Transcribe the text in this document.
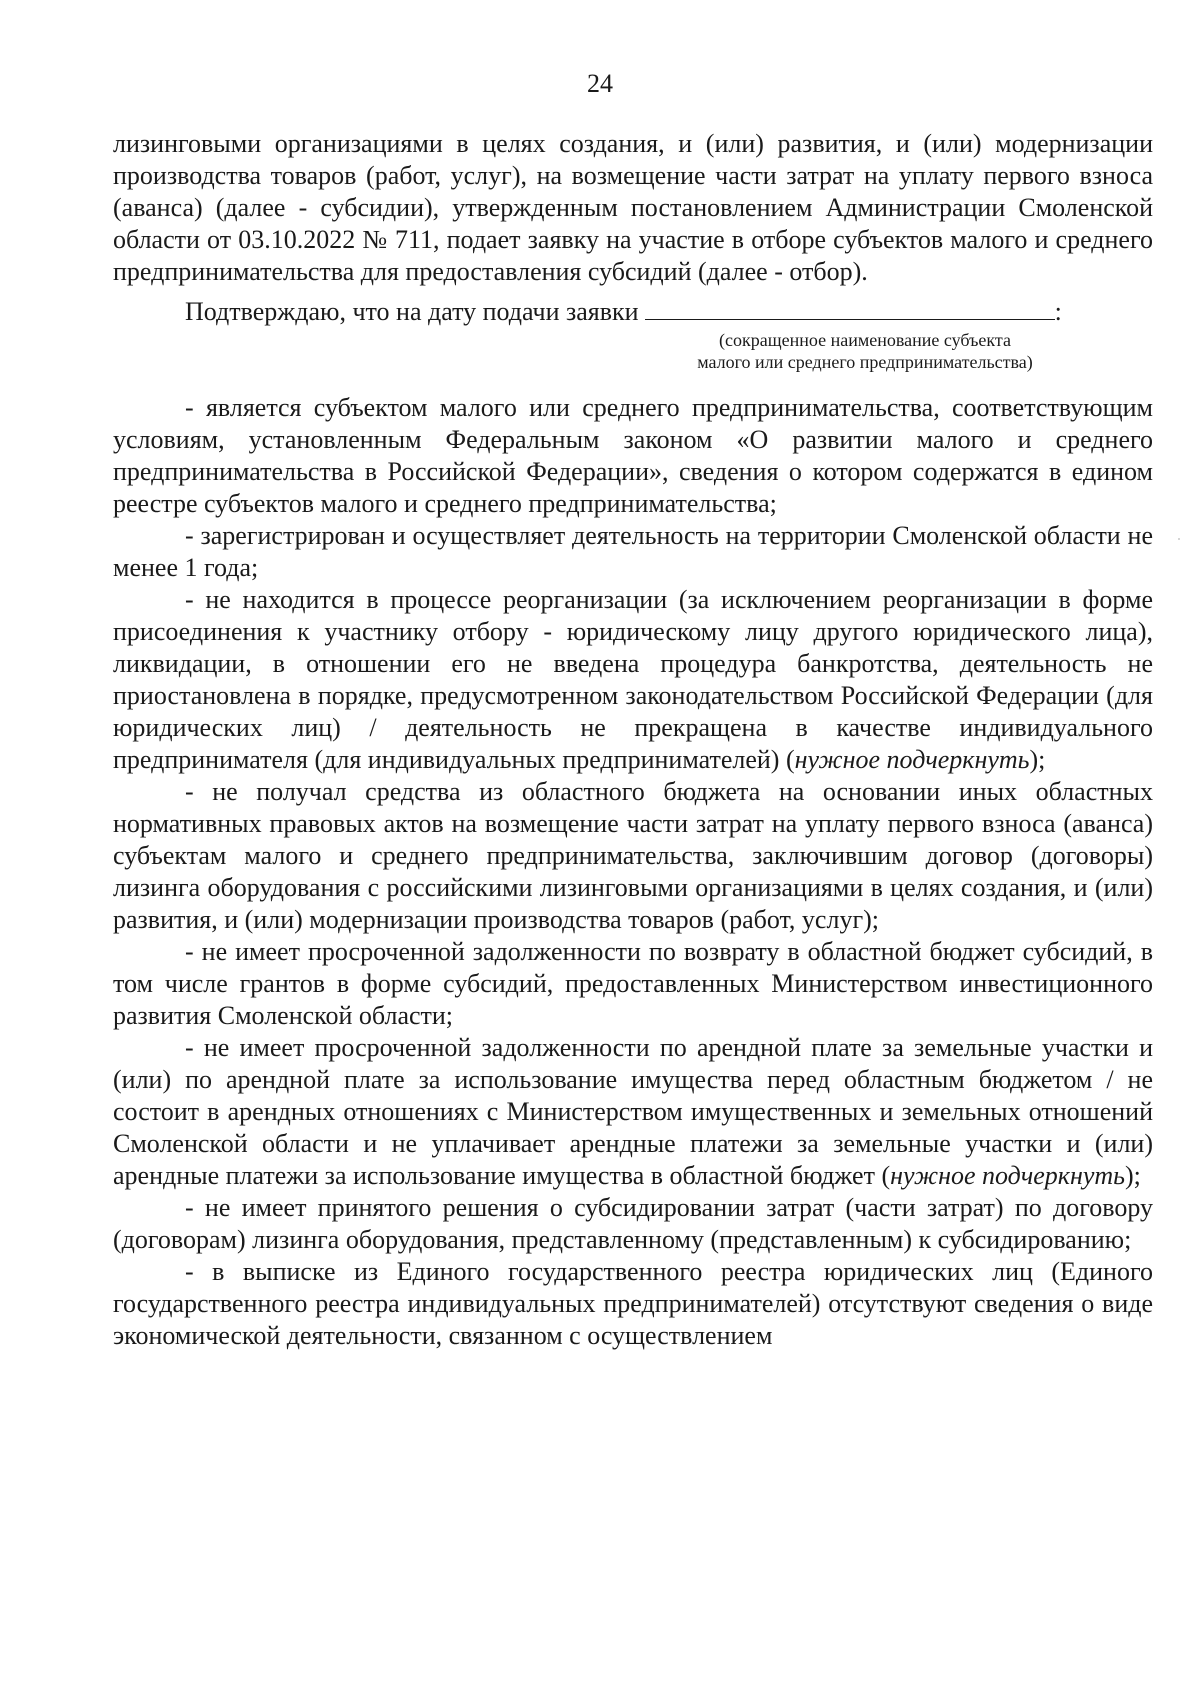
24

лизинговыми организациями в целях создания, и (или) развития, и (или) модернизации производства товаров (работ, услуг), на возмещение части затрат на уплату первого взноса (аванса) (далее - субсидии), утвержденным постановлением Администрации Смоленской области от 03.10.2022 № 711, подает заявку на участие в отборе субъектов малого и среднего предпринимательства для предоставления субсидий (далее - отбор).

Подтверждаю, что на дату подачи заявки	:

(сокращенное наименование субъекта
малого или среднего предпринимательства)

- является субъектом малого или среднего предпринимательства, соответствующим условиям, установленным Федеральным законом «О развитии малого и среднего предпринимательства в Российской Федерации», сведения о котором содержатся в едином реестре субъектов малого и среднего предпринимательства;

- зарегистрирован и осуществляет деятельность на территории Смоленской области не менее 1 года;

- не находится в процессе реорганизации (за исключением реорганизации в форме присоединения к участнику отбору - юридическому лицу другого юридического лица), ликвидации, в отношении его не введена процедура банкротства, деятельность не приостановлена в порядке, предусмотренном законодательством Российской Федерации (для юридических лиц) / деятельность не прекращена в качестве индивидуального предпринимателя (для индивидуальных предпринимателей) (нужное подчеркнуть);

- не получал средства из областного бюджета на основании иных областных нормативных правовых актов на возмещение части затрат на уплату первого взноса (аванса) субъектам малого и среднего предпринимательства, заключившим договор (договоры) лизинга оборудования с российскими лизинговыми организациями в целях создания, и (или) развития, и (или) модернизации производства товаров (работ, услуг);

- не имеет просроченной задолженности по возврату в областной бюджет субсидий, в том числе грантов в форме субсидий, предоставленных Министерством инвестиционного развития Смоленской области;

- не имеет просроченной задолженности по арендной плате за земельные участки и (или) по арендной плате за использование имущества перед областным бюджетом / не состоит в арендных отношениях с Министерством имущественных и земельных отношений Смоленской области и не уплачивает арендные платежи за земельные участки и (или) арендные платежи за использование имущества в областной бюджет (нужное подчеркнуть);

- не имеет принятого решения о субсидировании затрат (части затрат) по договору (договорам) лизинга оборудования, представленному (представленным) к субсидированию;

- в выписке из Единого государственного реестра юридических лиц (Единого государственного реестра индивидуальных предпринимателей) отсутствуют сведения о виде экономической деятельности, связанном с осуществлением
